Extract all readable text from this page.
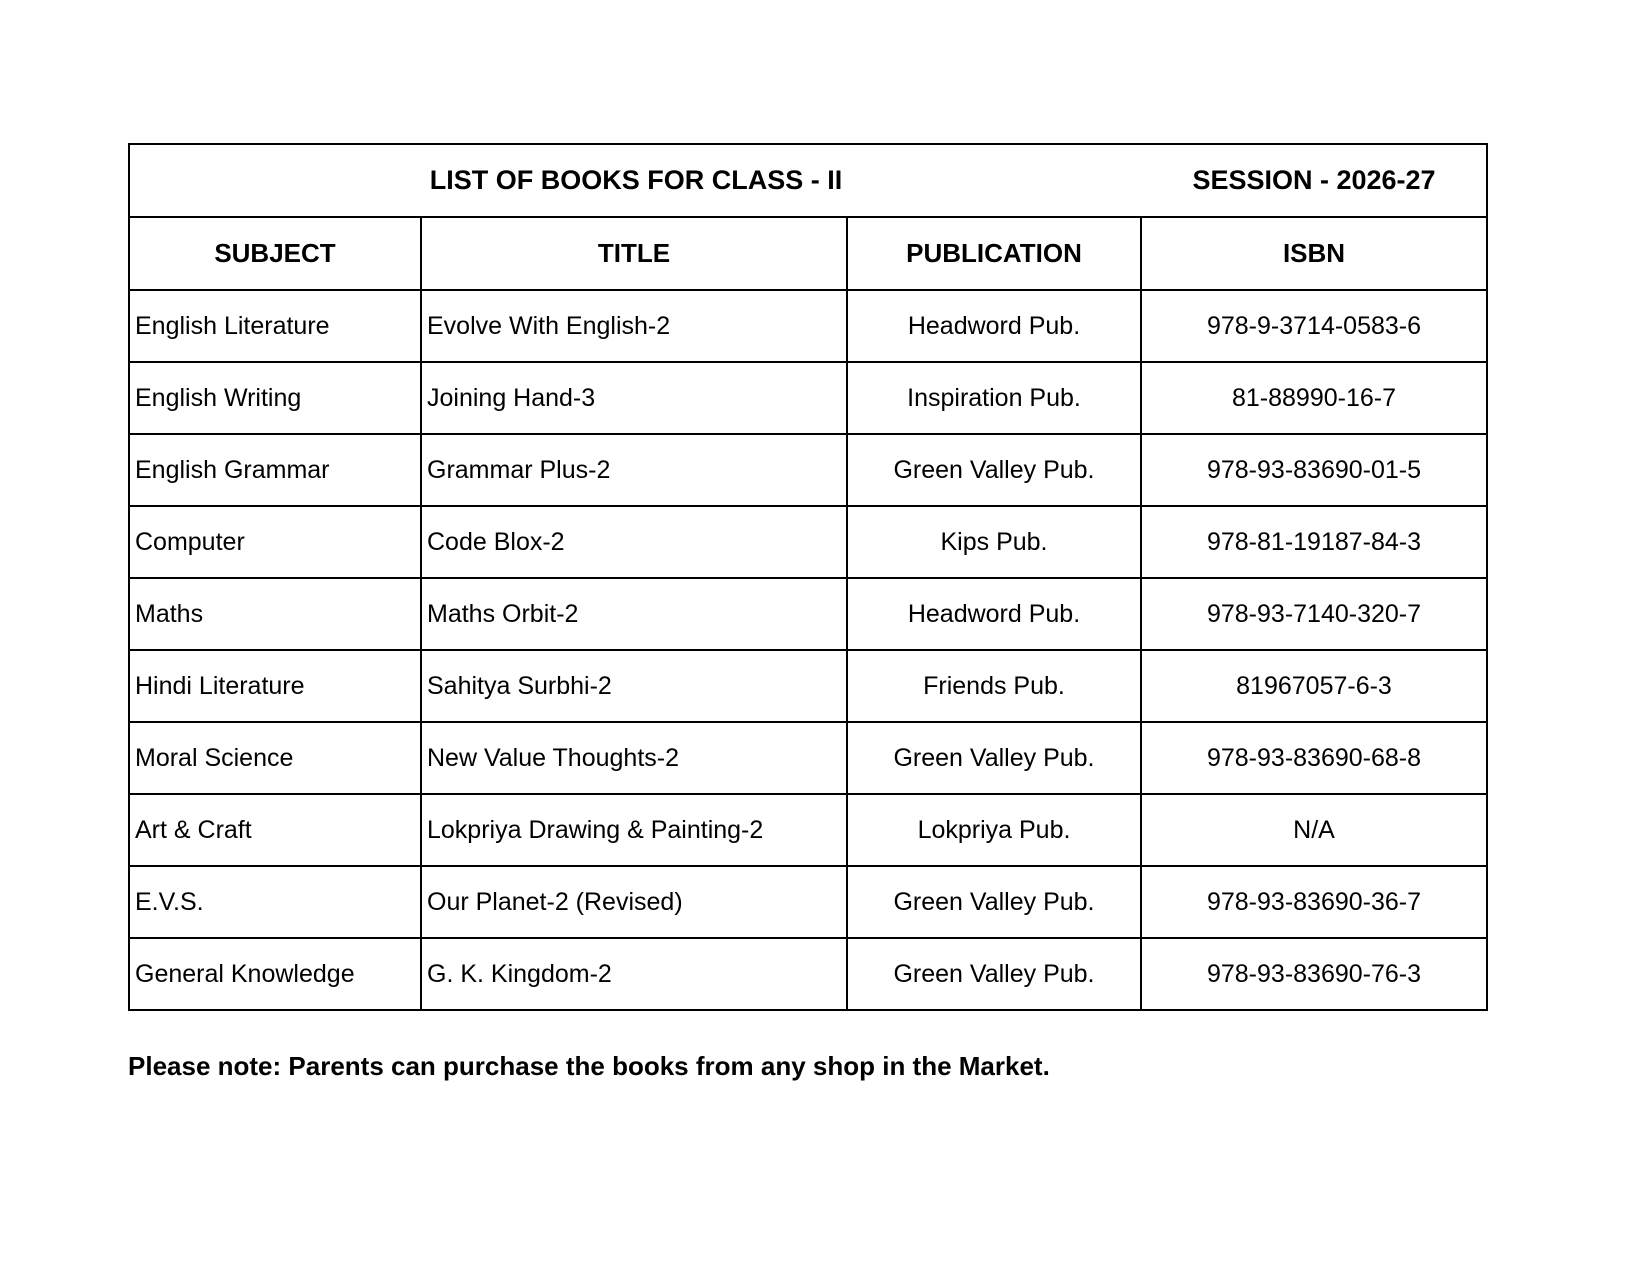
LIST OF BOOKS FOR CLASS - II SESSION - 2026-27			

SUBJECT	TITLE	PUBLICATION	ISBN
English Literature	Evolve With English-2	Headword Pub.	978-9-3714-0583-6
English Writing	Joining Hand-3	Inspiration Pub.	81-88990-16-7
English Grammar	Grammar Plus-2	Green Valley Pub.	978-93-83690-01-5
Computer	Code Blox-2	Kips Pub.	978-81-19187-84-3
Maths	Maths Orbit-2	Headword Pub.	978-93-7140-320-7
Hindi Literature	Sahitya Surbhi-2	Friends Pub.	81967057-6-3
Moral Science	New Value Thoughts-2	Green Valley Pub.	978-93-83690-68-8
Art & Craft	Lokpriya Drawing & Painting-2	Lokpriya Pub.	N/A
E.V.S.	Our Planet-2 (Revised)	Green Valley Pub.	978-93-83690-36-7
General Knowledge	G. K. Kingdom-2	Green Valley Pub.	978-93-83690-76-3

Please note: Parents can purchase the books from any shop in the Market.
